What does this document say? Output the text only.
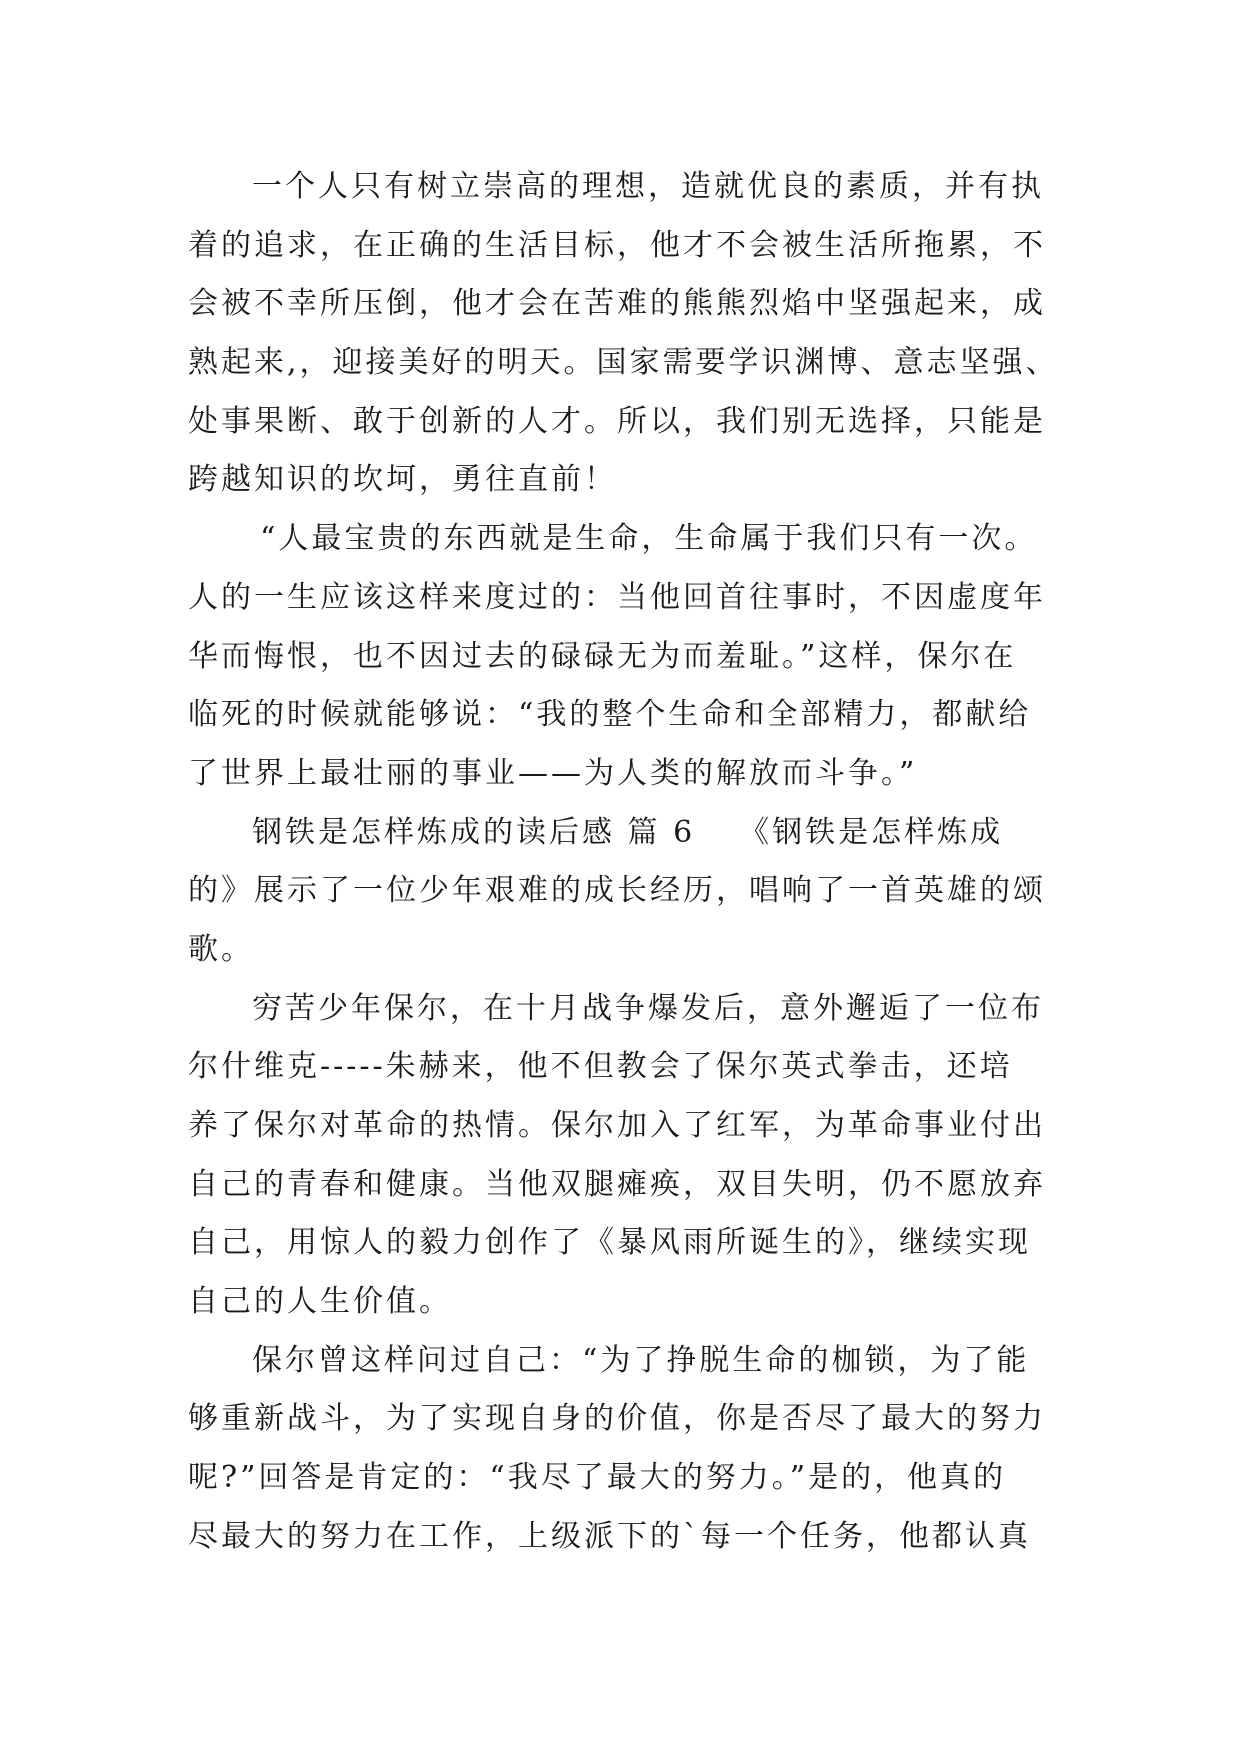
一个人只有树立崇高的理想，造就优良的素质，并有执
着的追求，在正确的生活目标，他才不会被生活所拖累，不
会被不幸所压倒，他才会在苦难的熊熊烈焰中坚强起来，成
熟起来,，迎接美好的明天。国家需要学识渊博、意志坚强、
处事果断、敢于创新的人才。所以，我们别无选择，只能是
跨越知识的坎坷，勇往直前！
“人最宝贵的东西就是生命，生命属于我们只有一次。
人的一生应该这样来度过的：当他回首往事时，不因虚度年
华而悔恨，也不因过去的碌碌无为而羞耻。”这样，保尔在
临死的时候就能够说：“我的整个生命和全部精力，都献给
了世界上最壮丽的事业——为人类的解放而斗争。”
钢铁是怎样炼成的读后感 篇 6 《钢铁是怎样炼成
的》展示了一位少年艰难的成长经历，唱响了一首英雄的颂
歌。
穷苦少年保尔，在十月战争爆发后，意外邂逅了一位布
尔什维克-----朱赫来，他不但教会了保尔英式拳击，还培
养了保尔对革命的热情。保尔加入了红军，为革命事业付出
自己的青春和健康。当他双腿瘫痪，双目失明，仍不愿放弃
自己，用惊人的毅力创作了《暴风雨所诞生的》，继续实现
自己的人生价值。
保尔曾这样问过自己：“为了挣脱生命的枷锁，为了能
够重新战斗，为了实现自身的价值，你是否尽了最大的努力
呢?”回答是肯定的：“我尽了最大的努力。”是的，他真的
尽最大的努力在工作，上级派下的`每一个任务，他都认真
